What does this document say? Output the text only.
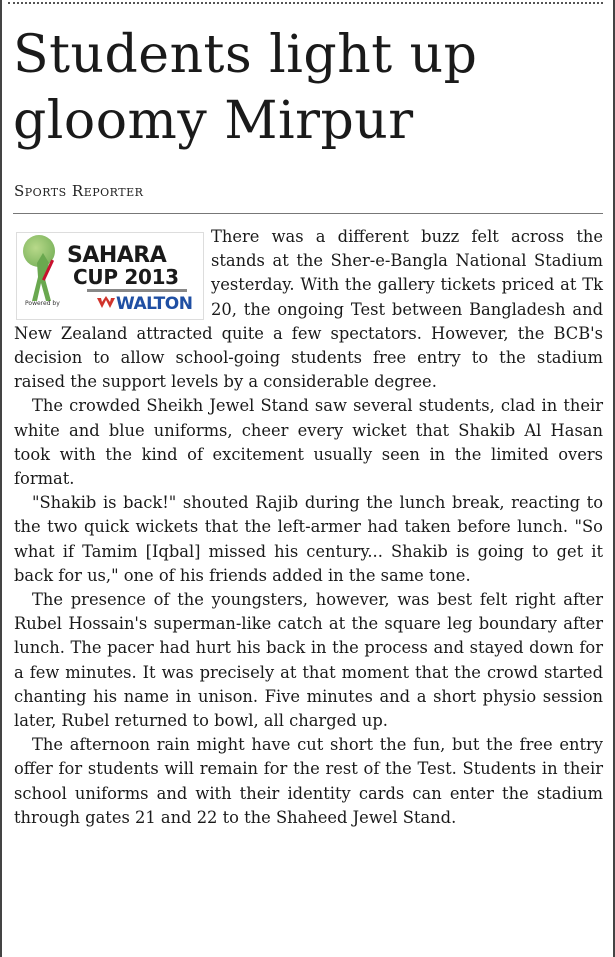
Students light up gloomy Mirpur
Sports Reporter
SAHARA
CUP 2013
Powered by	WALTON

There was a different buzz felt across the stands at the Sher-e-Bangla National Stadium yesterday. With the gallery tickets priced at Tk 20, the ongoing Test between Bangladesh and New Zealand attracted quite a few spectators. However, the BCB's decision to allow school-going students free entry to the stadium raised the support levels by a considerable degree.

The crowded Sheikh Jewel Stand saw several students, clad in their white and blue uniforms, cheer every wicket that Shakib Al Hasan took with the kind of excitement usually seen in the limited overs format.

"Shakib is back!" shouted Rajib during the lunch break, reacting to the two quick wickets that the left-armer had taken before lunch. "So what if Tamim [Iqbal] missed his century... Shakib is going to get it back for us," one of his friends added in the same tone.

The presence of the youngsters, however, was best felt right after Rubel Hossain's superman-like catch at the square leg boundary after lunch. The pacer had hurt his back in the process and stayed down for a few minutes. It was precisely at that moment that the crowd started chanting his name in unison. Five minutes and a short physio session later, Rubel returned to bowl, all charged up.

The afternoon rain might have cut short the fun, but the free entry offer for students will remain for the rest of the Test. Students in their school uniforms and with their identity cards can enter the stadium through gates 21 and 22 to the Shaheed Jewel Stand.
